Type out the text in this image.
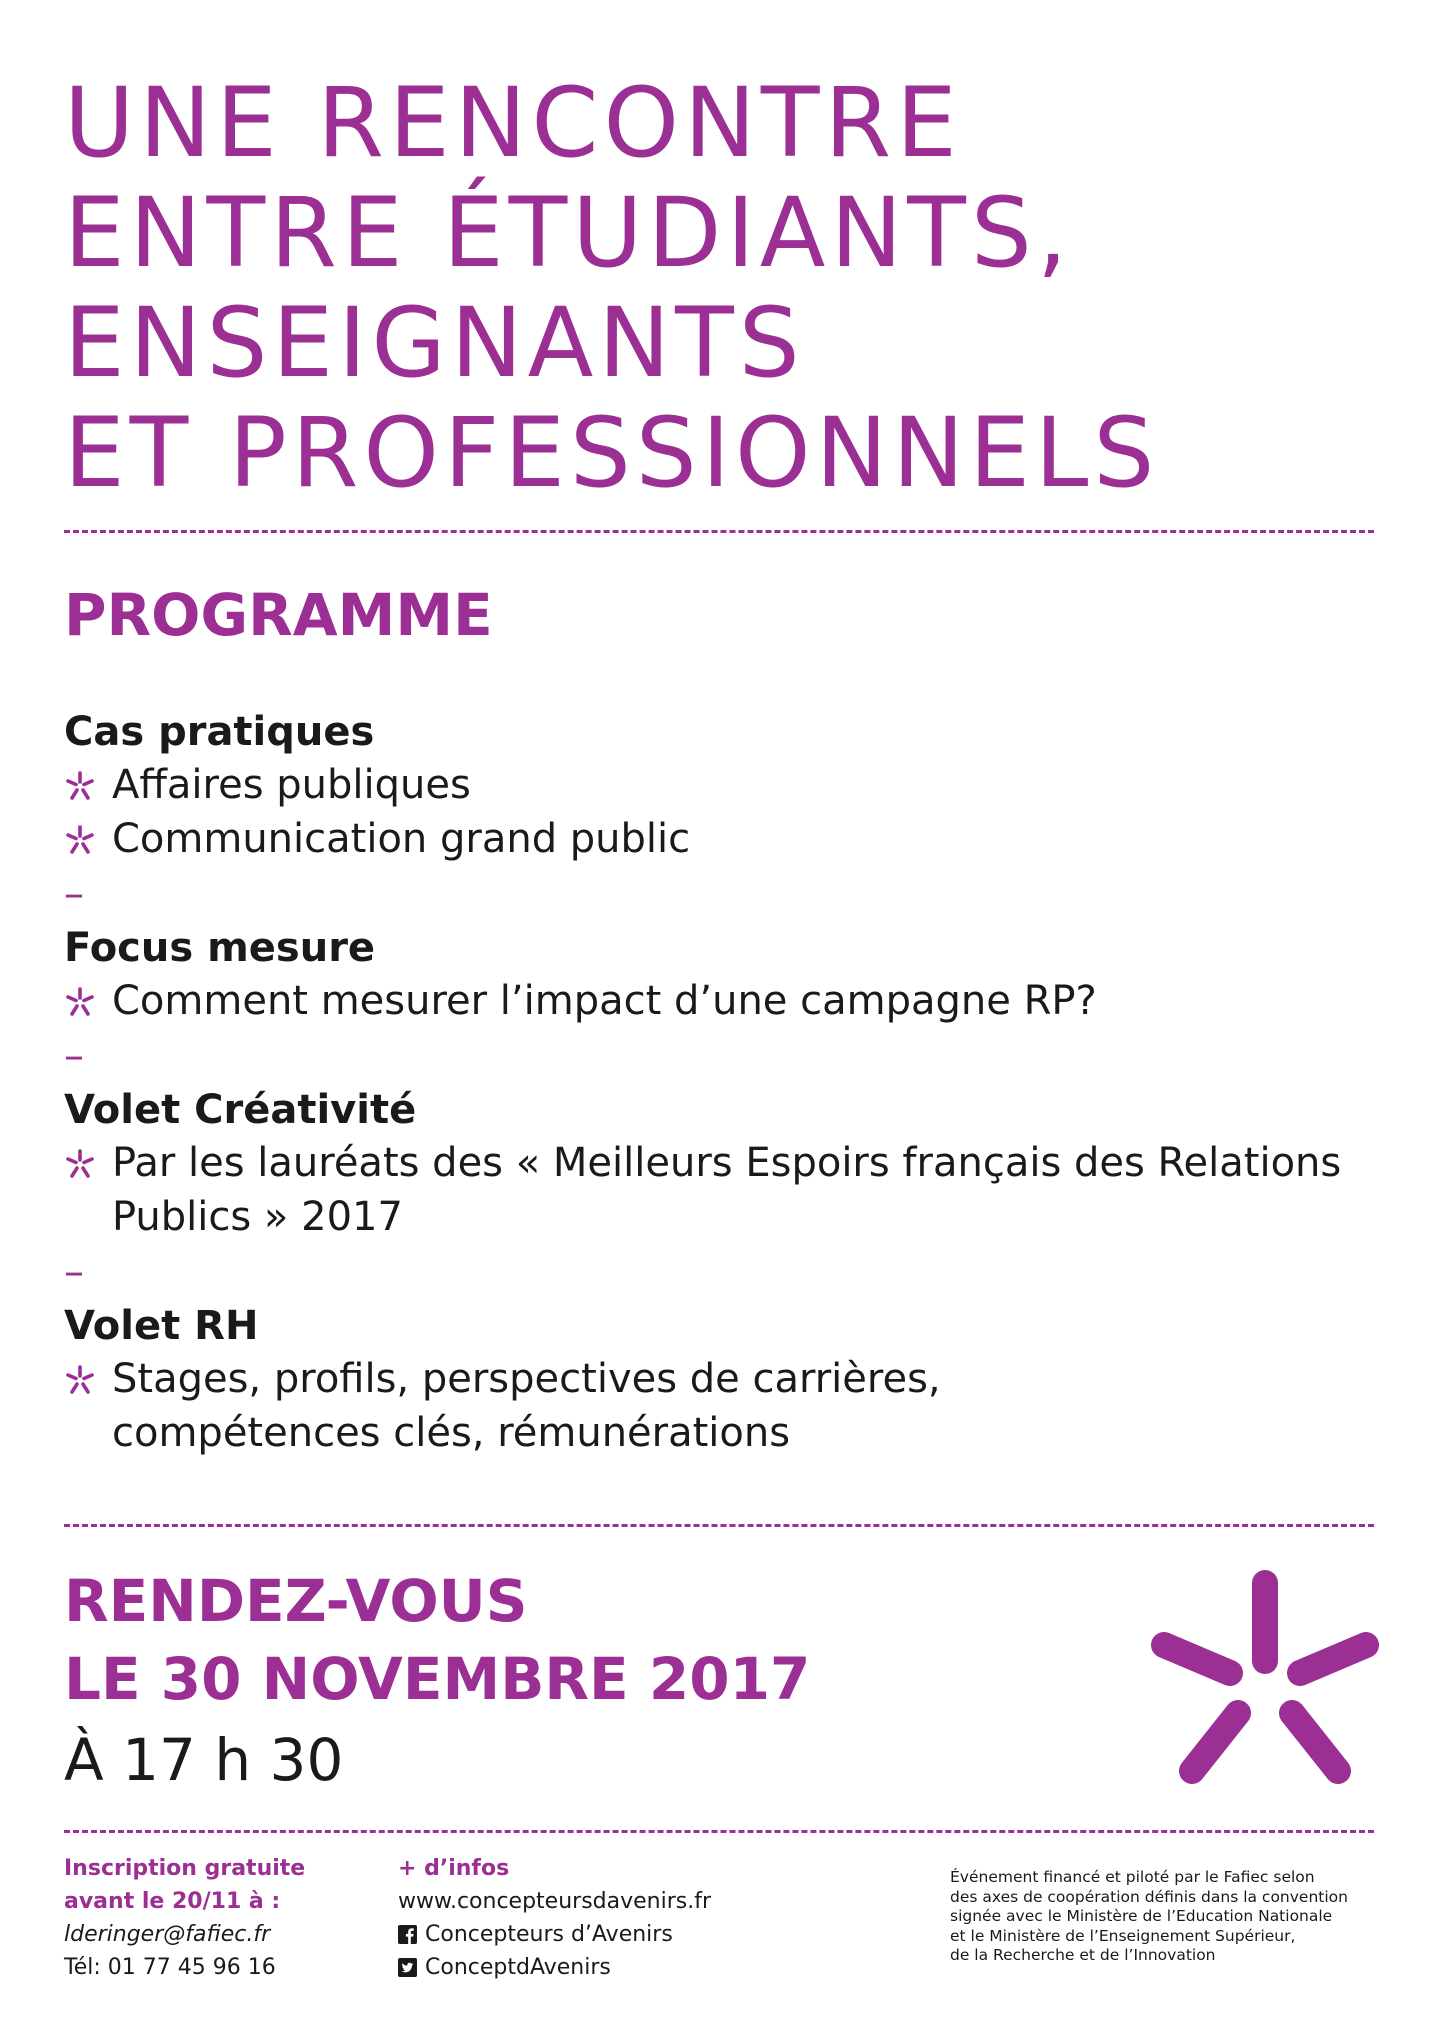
UNE RENCONTRE
ENTRE ÉTUDIANTS,
ENSEIGNANTS
ET PROFESSIONNELS
PROGRAMME
Cas pratiques
Affaires publiques
Communication grand public
–
Focus mesure
Comment mesurer l’impact d’une campagne RP?
–
Volet Créativité
Par les lauréats des « Meilleurs Espoirs français des Relations Publics » 2017
–
Volet RH
Stages, profils, perspectives de carrières, compétences clés, rémunérations
RENDEZ-VOUS
LE 30 NOVEMBRE 2017
À 17 h 30
Inscription gratuite
avant le 20/11 à :
lderinger@fafiec.fr
Tél: 01 77 45 96 16
+ d’infos
www.concepteursdavenirs.fr
Concepteurs d’Avenirs
ConceptdAvenirs
Événement financé et piloté par le Fafiec selon
des axes de coopération définis dans la convention
signée avec le Ministère de l’Education Nationale
et le Ministère de l’Enseignement Supérieur,
de la Recherche et de l’Innovation
